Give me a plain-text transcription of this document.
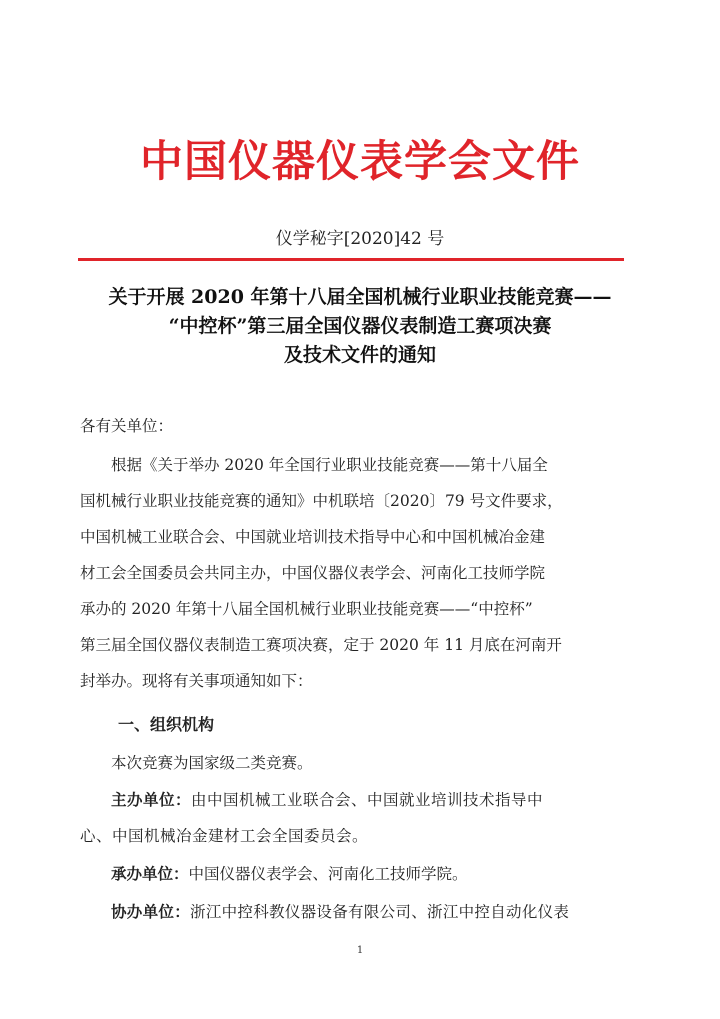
中国仪器仪表学会文件
仪学秘字[2020]42 号
关于开展 2020 年第十八届全国机械行业职业技能竞赛——
“中控杯”第三届全国仪器仪表制造工赛项决赛
及技术文件的通知
各有关单位：
根据《关于举办 2020 年全国行业职业技能竞赛——第十八届全
国机械行业职业技能竞赛的通知》中机联培〔2020〕79 号文件要求，
中国机械工业联合会、中国就业培训技术指导中心和中国机械冶金建
材工会全国委员会共同主办，中国仪器仪表学会、河南化工技师学院
承办的 2020 年第十八届全国机械行业职业技能竞赛——“中控杯”
第三届全国仪器仪表制造工赛项决赛，定于 2020 年 11 月底在河南开
封举办。现将有关事项通知如下：
一、组织机构
本次竞赛为国家级二类竞赛。
主办单位：由中国机械工业联合会、中国就业培训技术指导中
心、中国机械冶金建材工会全国委员会。
承办单位：中国仪器仪表学会、河南化工技师学院。
协办单位：浙江中控科教仪器设备有限公司、浙江中控自动化仪表
1
